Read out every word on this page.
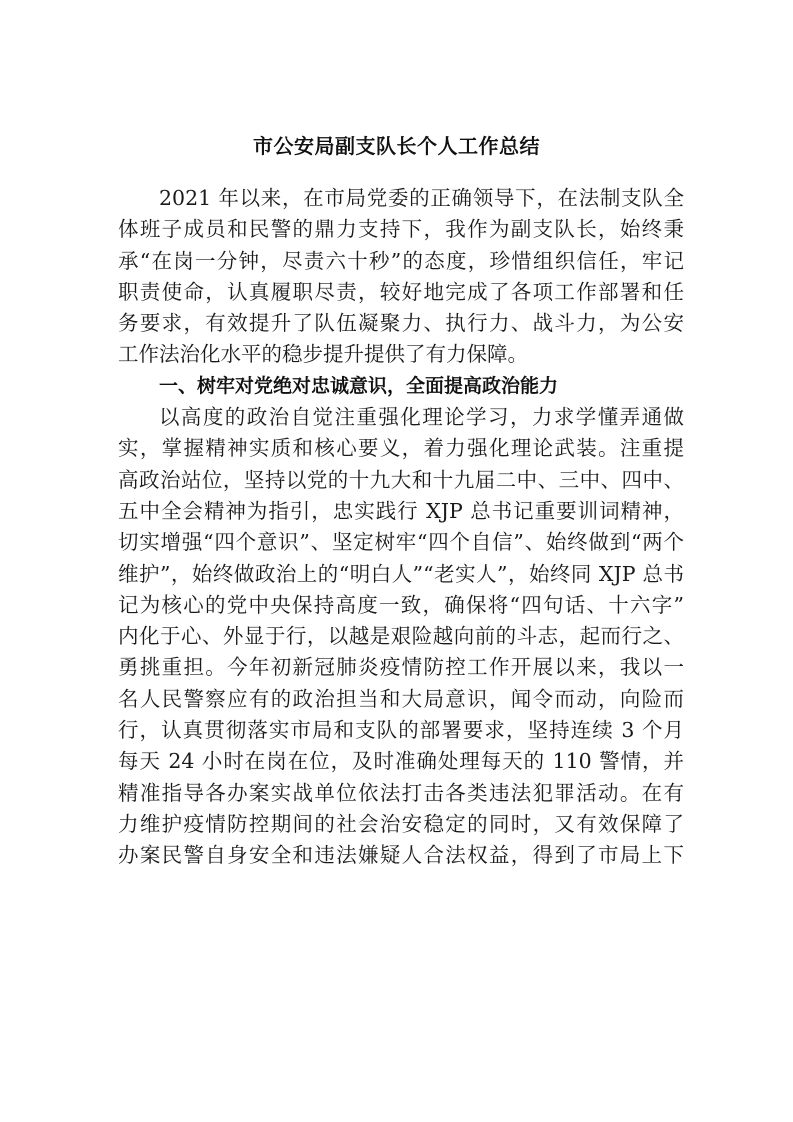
市公安局副支队长个人工作总结
2021 年以来，在市局党委的正确领导下，在法制支队全
体班子成员和民警的鼎力支持下，我作为副支队长，始终秉
承“在岗一分钟，尽责六十秒”的态度，珍惜组织信任，牢记
职责使命，认真履职尽责，较好地完成了各项工作部署和任
务要求，有效提升了队伍凝聚力、执行力、战斗力，为公安
工作法治化水平的稳步提升提供了有力保障。
一、树牢对党绝对忠诚意识，全面提高政治能力
以高度的政治自觉注重强化理论学习，力求学懂弄通做
实，掌握精神实质和核心要义，着力强化理论武装。注重提
高政治站位，坚持以党的十九大和十九届二中、三中、四中、
五中全会精神为指引，忠实践行 XJP 总书记重要训词精神，
切实增强“四个意识”、坚定树牢“四个自信”、始终做到“两个
维护”，始终做政治上的“明白人”“老实人”，始终同 XJP 总书
记为核心的党中央保持高度一致，确保将“四句话、十六字”
内化于心、外显于行，以越是艰险越向前的斗志，起而行之、
勇挑重担。今年初新冠肺炎疫情防控工作开展以来，我以一
名人民警察应有的政治担当和大局意识，闻令而动，向险而
行，认真贯彻落实市局和支队的部署要求，坚持连续 3 个月
每天 24 小时在岗在位，及时准确处理每天的 110 警情，并
精准指导各办案实战单位依法打击各类违法犯罪活动。在有
力维护疫情防控期间的社会治安稳定的同时，又有效保障了
办案民警自身安全和违法嫌疑人合法权益，得到了市局上下
